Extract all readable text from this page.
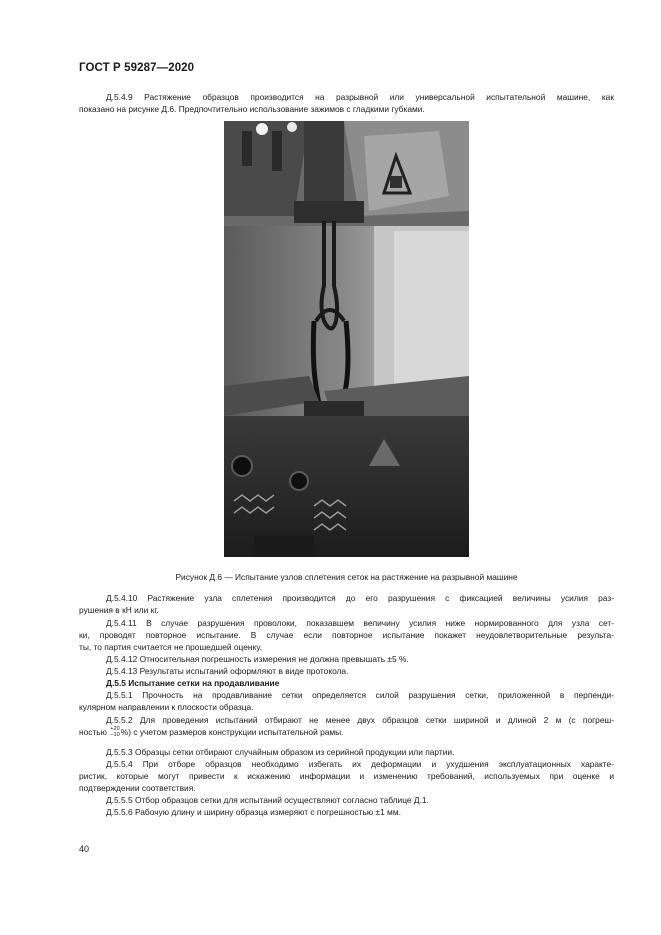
ГОСТ Р 59287—2020
Д.5.4.9 Растяжение образцов производится на разрывной или универсальной испытательной машине, как
показано на рисунке Д.6. Предпочтительно использование зажимов с гладкими губками.
Рисунок Д.6 — Испытание узлов сплетения сеток на растяжение на разрывной машине
Д.5.4.10 Растяжение узла сплетения производится до его разрушения с фиксацией величины усилия раз-
рушения в кН или кг.
Д.5.4.11 В случае разрушения проволоки, показавшем величину усилия ниже нормированного для узла сет-
ки, проводят повторное испытание. В случае если повторное испытание покажет неудовлетворительные результа-
ты, то партия считается не прошедшей оценку.
Д.5.4.12 Относительная погрешность измерения не должна превышать ±5 %.
Д.5.4.13 Результаты испытаний оформляют в виде протокола.
Д.5.5 Испытание сетки на продавливание
Д.5.5.1 Прочность на продавливание сетки определяется силой разрушения сетки, приложенной в перпенди-
кулярном направлении к плоскости образца.
Д.5.5.2 Для проведения испытаний отбирают не менее двух образцов сетки шириной и длиной 2 м (с погреш-
ностью +20
−10 %) с учетом размеров конструкции испытательной рамы.
Д.5.5.3 Образцы сетки отбирают случайным образом из серийной продукции или партии.
Д.5.5.4 При отборе образцов необходимо избегать их деформации и ухудшения эксплуатационных характе-
ристик, которые могут привести к искажению информации и изменению требований, используемых при оценке и
подтверждении соответствия.
Д.5.5.5 Отбор образцов сетки для испытаний осуществляют согласно таблице Д.1.
Д.5.5.6 Рабочую длину и ширину образца измеряют с погрешностью ±1 мм.
40
